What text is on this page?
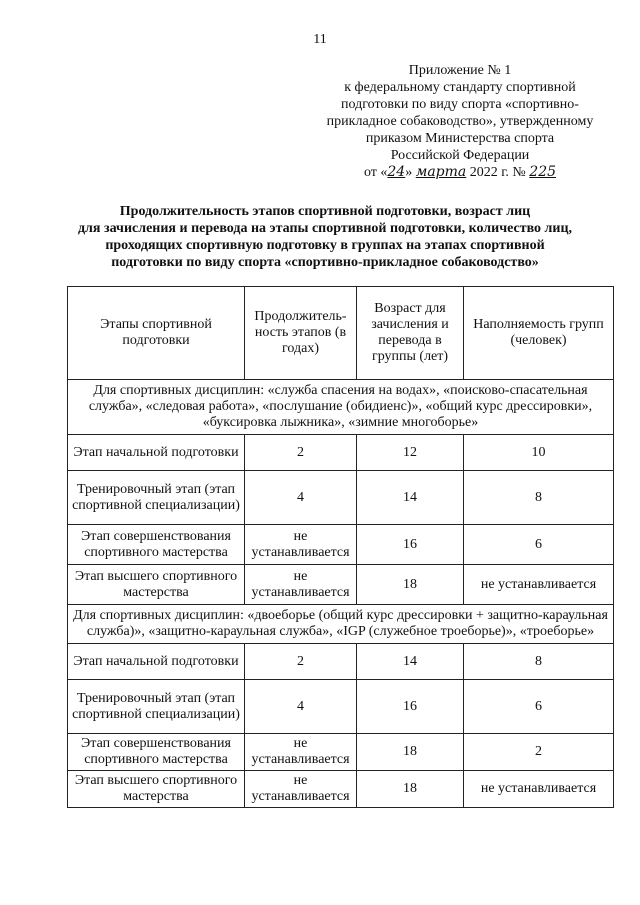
11
Приложение № 1
к федеральному стандарту спортивной
подготовки по виду спорта «спортивно-
прикладное собаководство», утвержденному
приказом Министерства спорта
Российской Федерации
от «24» марта 2022 г. № 225
Продолжительность этапов спортивной подготовки, возраст лиц
для зачисления и перевода на этапы спортивной подготовки, количество лиц,
проходящих спортивную подготовку в группах на этапах спортивной
подготовки по виду спорта «спортивно-прикладное собаководство»
Этапы спортивной подготовки	Продолжитель-ность этапов (в годах)	Возраст для зачисления и перевода в группы (лет)	Наполняемость групп (человек)
Для спортивных дисциплин: «служба спасения на водах», «поисково-спасательная служба», «следовая работа», «послушание (обидиенс)», «общий курс дрессировки», «буксировка лыжника», «зимние многоборье»			
Этап начальной подготовки	2	12	10
Тренировочный этап (этап спортивной специализации)	4	14	8
Этап совершенствования спортивного мастерства	не устанавливается	16	6
Этап высшего спортивного мастерства	не устанавливается	18	не устанавливается
Для спортивных дисциплин: «двоеборье (общий курс дрессировки + защитно-караульная служба)», «защитно-караульная служба», «IGP (служебное троеборье)», «троеборье»			
Этап начальной подготовки	2	14	8
Тренировочный этап (этап спортивной специализации)	4	16	6
Этап совершенствования спортивного мастерства	не устанавливается	18	2
Этап высшего спортивного мастерства	не устанавливается	18	не устанавливается
